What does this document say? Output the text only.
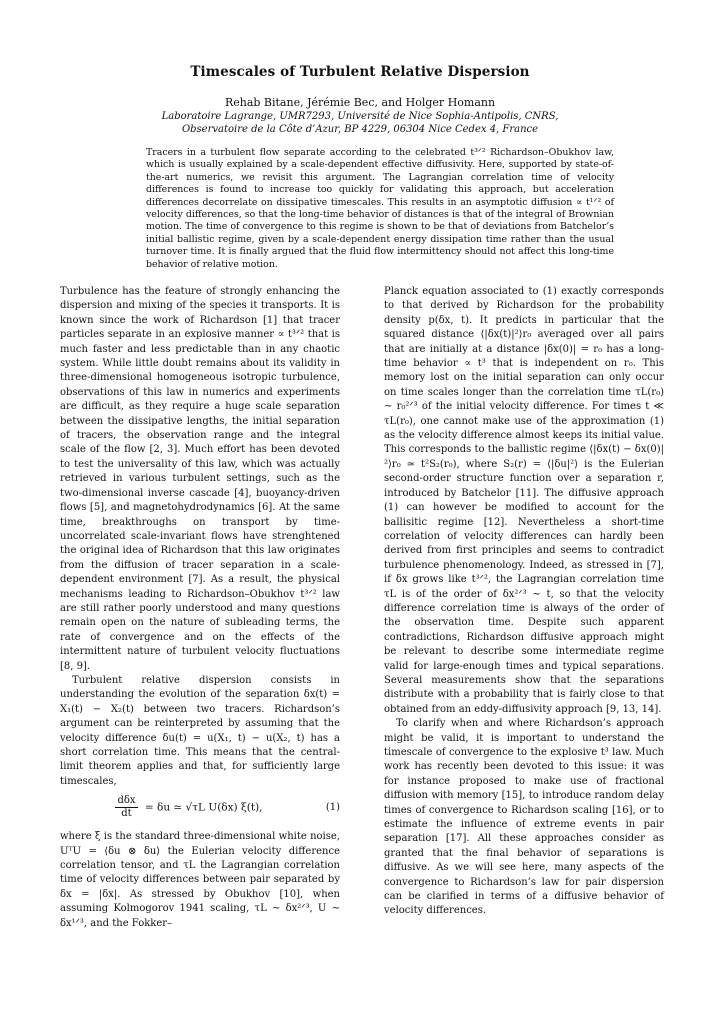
Timescales of Turbulent Relative Dispersion
Rehab Bitane, Jérémie Bec, and Holger Homann
Laboratoire Lagrange, UMR7293, Université de Nice Sophia-Antipolis, CNRS,
Observatoire de la Côte d’Azur, BP 4229, 06304 Nice Cedex 4, France
Tracers in a turbulent flow separate according to the celebrated t³ᐟ² Richardson–Obukhov law, which is usually explained by a scale-dependent effective diffusivity. Here, supported by state-of-the-art numerics, we revisit this argument. The Lagrangian correlation time of velocity differences is found to increase too quickly for validating this approach, but acceleration differences decorrelate on dissipative timescales. This results in an asymptotic diffusion ∝ t¹ᐟ² of velocity differences, so that the long-time behavior of distances is that of the integral of Brownian motion. The time of convergence to this regime is shown to be that of deviations from Batchelor’s initial ballistic regime, given by a scale-dependent energy dissipation time rather than the usual turnover time. It is finally argued that the fluid flow intermittency should not affect this long-time behavior of relative motion.

Turbulence has the feature of strongly enhancing the dispersion and mixing of the species it transports. It is known since the work of Richardson [1] that tracer particles separate in an explosive manner ∝ t³ᐟ² that is much faster and less predictable than in any chaotic system. While little doubt remains about its validity in three-dimensional homogeneous isotropic turbulence, observations of this law in numerics and experiments are difficult, as they require a huge scale separation between the dissipative lengths, the initial separation of tracers, the observation range and the integral scale of the flow [2, 3]. Much effort has been devoted to test the universality of this law, which was actually retrieved in various turbulent settings, such as the two-dimensional inverse cascade [4], buoyancy-driven flows [5], and magnetohydrodynamics [6]. At the same time, breakthroughs on transport by time-uncorrelated scale-invariant flows have strenghtened the original idea of Richardson that this law originates from the diffusion of tracer separation in a scale-dependent environment [7]. As a result, the physical mechanisms leading to Richardson–Obukhov t³ᐟ² law are still rather poorly understood and many questions remain open on the nature of subleading terms, the rate of convergence and on the effects of the intermittent nature of turbulent velocity fluctuations [8, 9].

Turbulent relative dispersion consists in understanding the evolution of the separation δx(t) = X₁(t) − X₂(t) between two tracers. Richardson’s argument can be reinterpreted by assuming that the velocity difference δu(t) = u(X₁, t) − u(X₂, t) has a short correlation time. This means that the central-limit theorem applies and that, for sufficiently large timescales,

$\frac{\text{dδx}}{dt} = \delta u$ ≃ √τL U(δx) ξ(t),	(1)

where ξ is the standard three-dimensional white noise, UᵀU = ⟨δu ⊗ δu⟩ the Eulerian velocity difference correlation tensor, and τL the Lagrangian correlation time of velocity differences between pair separated by δx = |δx|. As stressed by Obukhov [10], when assuming Kolmogorov 1941 scaling, τL ∼ δx²ᐟ³, U ∼ δx¹ᐟ³, and the Fokker–

Planck equation associated to (1) exactly corresponds to that derived by Richardson for the probability density p(δx, t). It predicts in particular that the squared distance ⟨|δx(t)|²⟩r₀ averaged over all pairs that are initially at a distance |δx(0)| = r₀ has a long-time behavior ∝ t³ that is independent on r₀. This memory lost on the initial separation can only occur on time scales longer than the correlation time τL(r₀) ∼ r₀²ᐟ³ of the initial velocity difference. For times t ≪ τL(r₀), one cannot make use of the approximation (1) as the velocity difference almost keeps its initial value. This corresponds to the ballistic regime ⟨|δx(t) − δx(0)|²⟩r₀ ≃ t²S₂(r₀), where S₂(r) = ⟨|δu|²⟩ is the Eulerian second-order structure function over a separation r, introduced by Batchelor [11]. The diffusive approach (1) can however be modified to account for the ballisitic regime [12]. Nevertheless a short-time correlation of velocity differences can hardly been derived from first principles and seems to contradict turbulence phenomenology. Indeed, as stressed in [7], if δx grows like t³ᐟ², the Lagrangian correlation time τL is of the order of δx²ᐟ³ ∼ t, so that the velocity difference correlation time is always of the order of the observation time. Despite such apparent contradictions, Richardson diffusive approach might be relevant to describe some intermediate regime valid for large-enough times and typical separations. Several measurements show that the separations distribute with a probability that is fairly close to that obtained from an eddy-diffusivity approach [9, 13, 14].

To clarify when and where Richardson’s approach might be valid, it is important to understand the timescale of convergence to the explosive t³ law. Much work has recently been devoted to this issue: it was for instance proposed to make use of fractional diffusion with memory [15], to introduce random delay times of convergence to Richardson scaling [16], or to estimate the influence of extreme events in pair separation [17]. All these approaches consider as granted that the final behavior of separations is diffusive. As we will see here, many aspects of the convergence to Richardson’s law for pair dispersion can be clarified in terms of a diffusive behavior of velocity differences.
